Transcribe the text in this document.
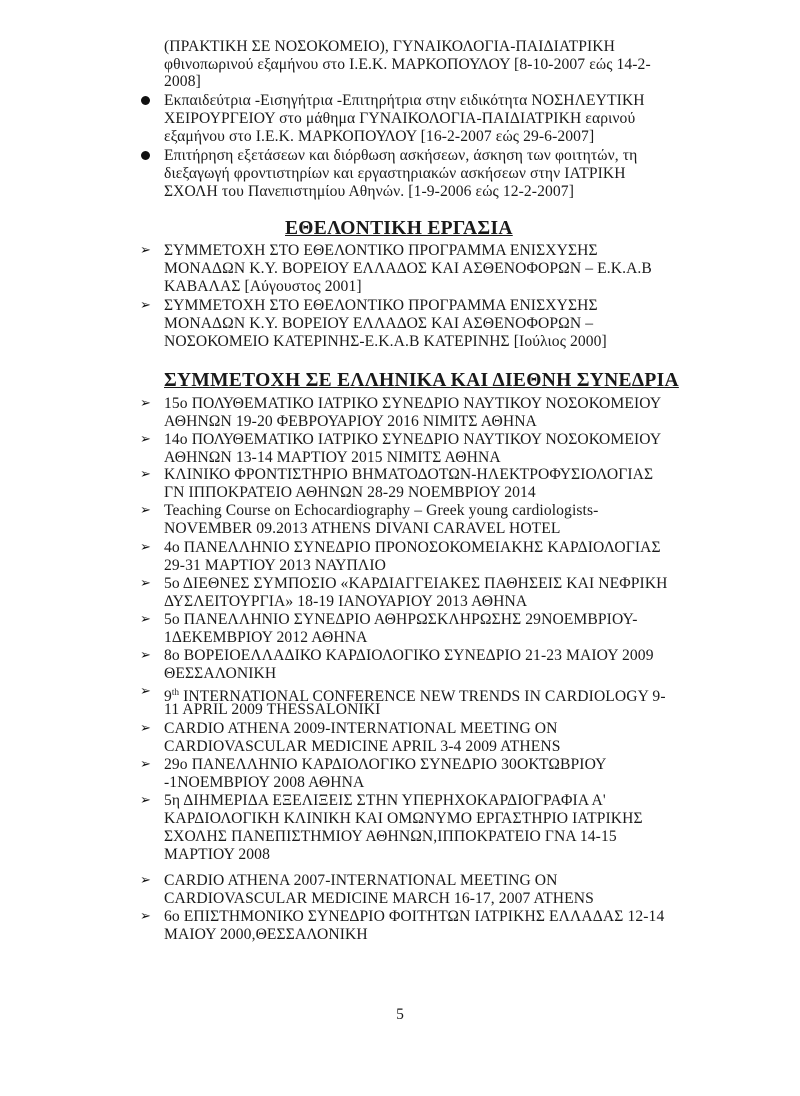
(ΠΡΑΚΤΙΚΗ ΣΕ ΝΟΣΟΚΟΜΕΙΟ), ΓΥΝΑΙΚΟΛΟΓΙΑ-ΠΑΙΔΙΑΤΡΙΚΗ
φθινοπωρινού εξαμήνου στο Ι.Ε.Κ. ΜΑΡΚΟΠΟΥΛΟΥ [8-10-2007 εώς 14-2-
2008]
Εκπαιδεύτρια -Εισηγήτρια -Επιτηρήτρια στην ειδικότητα ΝΟΣΗΛΕΥΤΙΚΗ
ΧΕΙΡΟΥΡΓΕΙΟΥ στο μάθημα ΓΥΝΑΙΚΟΛΟΓΙΑ-ΠΑΙΔΙΑΤΡΙΚΗ εαρινού
εξαμήνου στο Ι.Ε.Κ. ΜΑΡΚΟΠΟΥΛΟΥ [16-2-2007 εώς 29-6-2007]
Επιτήρηση εξετάσεων και διόρθωση ασκήσεων, άσκηση των φοιτητών, τη
διεξαγωγή φροντιστηρίων και εργαστηριακών ασκήσεων στην ΙΑΤΡΙΚΗ
ΣΧΟΛΗ του Πανεπιστημίου Αθηνών. [1-9-2006 εώς 12-2-2007]
ΕΘΕΛΟΝΤΙΚΗ ΕΡΓΑΣΙΑ
➢ ΣΥΜΜΕΤΟΧΗ ΣΤΟ ΕΘΕΛΟΝΤΙΚΟ ΠΡΟΓΡΑΜΜΑ ΕΝΙΣΧΥΣΗΣ
ΜΟΝΑΔΩΝ Κ.Υ. ΒΟΡΕΙΟΥ ΕΛΛΑΔΟΣ ΚΑΙ ΑΣΘΕΝΟΦΟΡΩΝ – Ε.Κ.Α.Β
ΚΑΒΑΛΑΣ [Αύγουστος 2001]
➢ ΣΥΜΜΕΤΟΧΗ ΣΤΟ ΕΘΕΛΟΝΤΙΚΟ ΠΡΟΓΡΑΜΜΑ ΕΝΙΣΧΥΣΗΣ
ΜΟΝΑΔΩΝ Κ.Υ. ΒΟΡΕΙΟΥ ΕΛΛΑΔΟΣ ΚΑΙ ΑΣΘΕΝΟΦΟΡΩΝ –
ΝΟΣΟΚΟΜΕΙΟ ΚΑΤΕΡΙΝΗΣ-Ε.Κ.Α.Β ΚΑΤΕΡΙΝΗΣ [Ιούλιος 2000]
ΣΥΜΜΕΤΟΧΗ ΣΕ ΕΛΛΗΝΙΚΑ ΚΑΙ ΔΙΕΘΝΗ ΣΥΝΕΔΡΙΑ
➢ 15ο ΠΟΛΥΘΕΜΑΤΙΚΟ ΙΑΤΡΙΚΟ ΣΥΝΕΔΡΙΟ ΝΑΥΤΙΚΟΥ ΝΟΣΟΚΟΜΕΙΟΥ
ΑΘΗΝΩΝ 19-20 ΦΕΒΡΟΥΑΡΙΟΥ 2016 ΝΙΜΙΤΣ ΑΘΗΝΑ
➢ 14ο ΠΟΛΥΘΕΜΑΤΙΚΟ ΙΑΤΡΙΚΟ ΣΥΝΕΔΡΙΟ ΝΑΥΤΙΚΟΥ ΝΟΣΟΚΟΜΕΙΟΥ
ΑΘΗΝΩΝ 13-14 ΜΑΡΤΙΟΥ 2015 ΝΙΜΙΤΣ ΑΘΗΝΑ
➢ ΚΛΙΝΙΚΟ ΦΡΟΝΤΙΣΤΗΡΙΟ ΒΗΜΑΤΟΔΟΤΩΝ-ΗΛΕΚΤΡΟΦΥΣΙΟΛΟΓΙΑΣ
ΓΝ ΙΠΠΟΚΡΑΤΕΙΟ ΑΘΗΝΩΝ 28-29 ΝΟΕΜΒΡΙΟΥ 2014
➢ Teaching Course on Echocardiography – Greek young cardiologists-
NOVEMBER 09.2013 ATHENS DIVANI CARAVEL HOTEL
➢ 4ο ΠΑΝΕΛΛΗΝΙΟ ΣΥΝΕΔΡΙΟ ΠΡΟΝΟΣΟΚΟΜΕΙΑΚΗΣ ΚΑΡΔΙΟΛΟΓΙΑΣ
29-31 ΜΑΡΤΙΟΥ 2013 ΝΑΥΠΛΙΟ
➢ 5ο ΔΙΕΘΝΕΣ ΣΥΜΠΟΣΙΟ «ΚΑΡΔΙΑΓΓΕΙΑΚΕΣ ΠΑΘΗΣΕΙΣ ΚΑΙ ΝΕΦΡΙΚΗ
ΔΥΣΛΕΙΤΟΥΡΓΙΑ» 18-19 ΙΑΝΟΥΑΡΙΟΥ 2013 ΑΘΗΝΑ
➢ 5ο ΠΑΝΕΛΛΗΝΙΟ ΣΥΝΕΔΡΙΟ ΑΘΗΡΩΣΚΛΗΡΩΣΗΣ 29ΝΟΕΜΒΡΙΟΥ-
1ΔΕΚΕΜΒΡΙΟΥ 2012 ΑΘΗΝΑ
➢ 8ο ΒΟΡΕΙΟΕΛΛΑΔΙΚΟ ΚΑΡΔΙΟΛΟΓΙΚΟ ΣΥΝΕΔΡΙΟ 21-23 ΜΑΙΟΥ 2009
ΘΕΣΣΑΛΟΝΙΚΗ
➢ 9th INTERNATIONAL CONFERENCE NEW TRENDS IN CARDIOLOGY 9-
11 APRIL 2009 THESSALONIKI
➢ CARDIO ATHENA 2009-INTERNATIONAL MEETING ON
CARDIOVASCULAR MEDICINE APRIL 3-4 2009 ATHENS
➢ 29ο ΠΑΝΕΛΛΗΝΙΟ ΚΑΡΔΙΟΛΟΓΙΚΟ ΣΥΝΕΔΡΙΟ 30ΟΚΤΩΒΡΙΟΥ
-1ΝΟΕΜΒΡΙΟΥ 2008 ΑΘΗΝΑ
➢ 5η ΔΙΗΜΕΡΙΔΑ ΕΞΕΛΙΞΕΙΣ ΣΤΗΝ ΥΠΕΡΗΧΟΚΑΡΔΙΟΓΡΑΦΙΑ Α'
ΚΑΡΔΙΟΛΟΓΙΚΗ ΚΛΙΝΙΚΗ ΚΑΙ ΟΜΩΝΥΜΟ ΕΡΓΑΣΤΗΡΙΟ ΙΑΤΡΙΚΗΣ
ΣΧΟΛΗΣ ΠΑΝΕΠΙΣΤΗΜΙΟΥ ΑΘΗΝΩΝ,ΙΠΠΟΚΡΑΤΕΙΟ ΓΝΑ 14-15
ΜΑΡΤΙΟΥ 2008
➢ CARDIO ATHENA 2007-INTERNATIONAL MEETING ON
CARDIOVASCULAR MEDICINE MARCH 16-17, 2007 ATHENS
➢ 6ο ΕΠΙΣΤΗΜΟΝΙΚΟ ΣΥΝΕΔΡΙΟ ΦΟΙΤΗΤΩΝ ΙΑΤΡΙΚΗΣ ΕΛΛΑΔΑΣ 12-14
ΜΑΙΟΥ 2000,ΘΕΣΣΑΛΟΝΙΚΗ
5
